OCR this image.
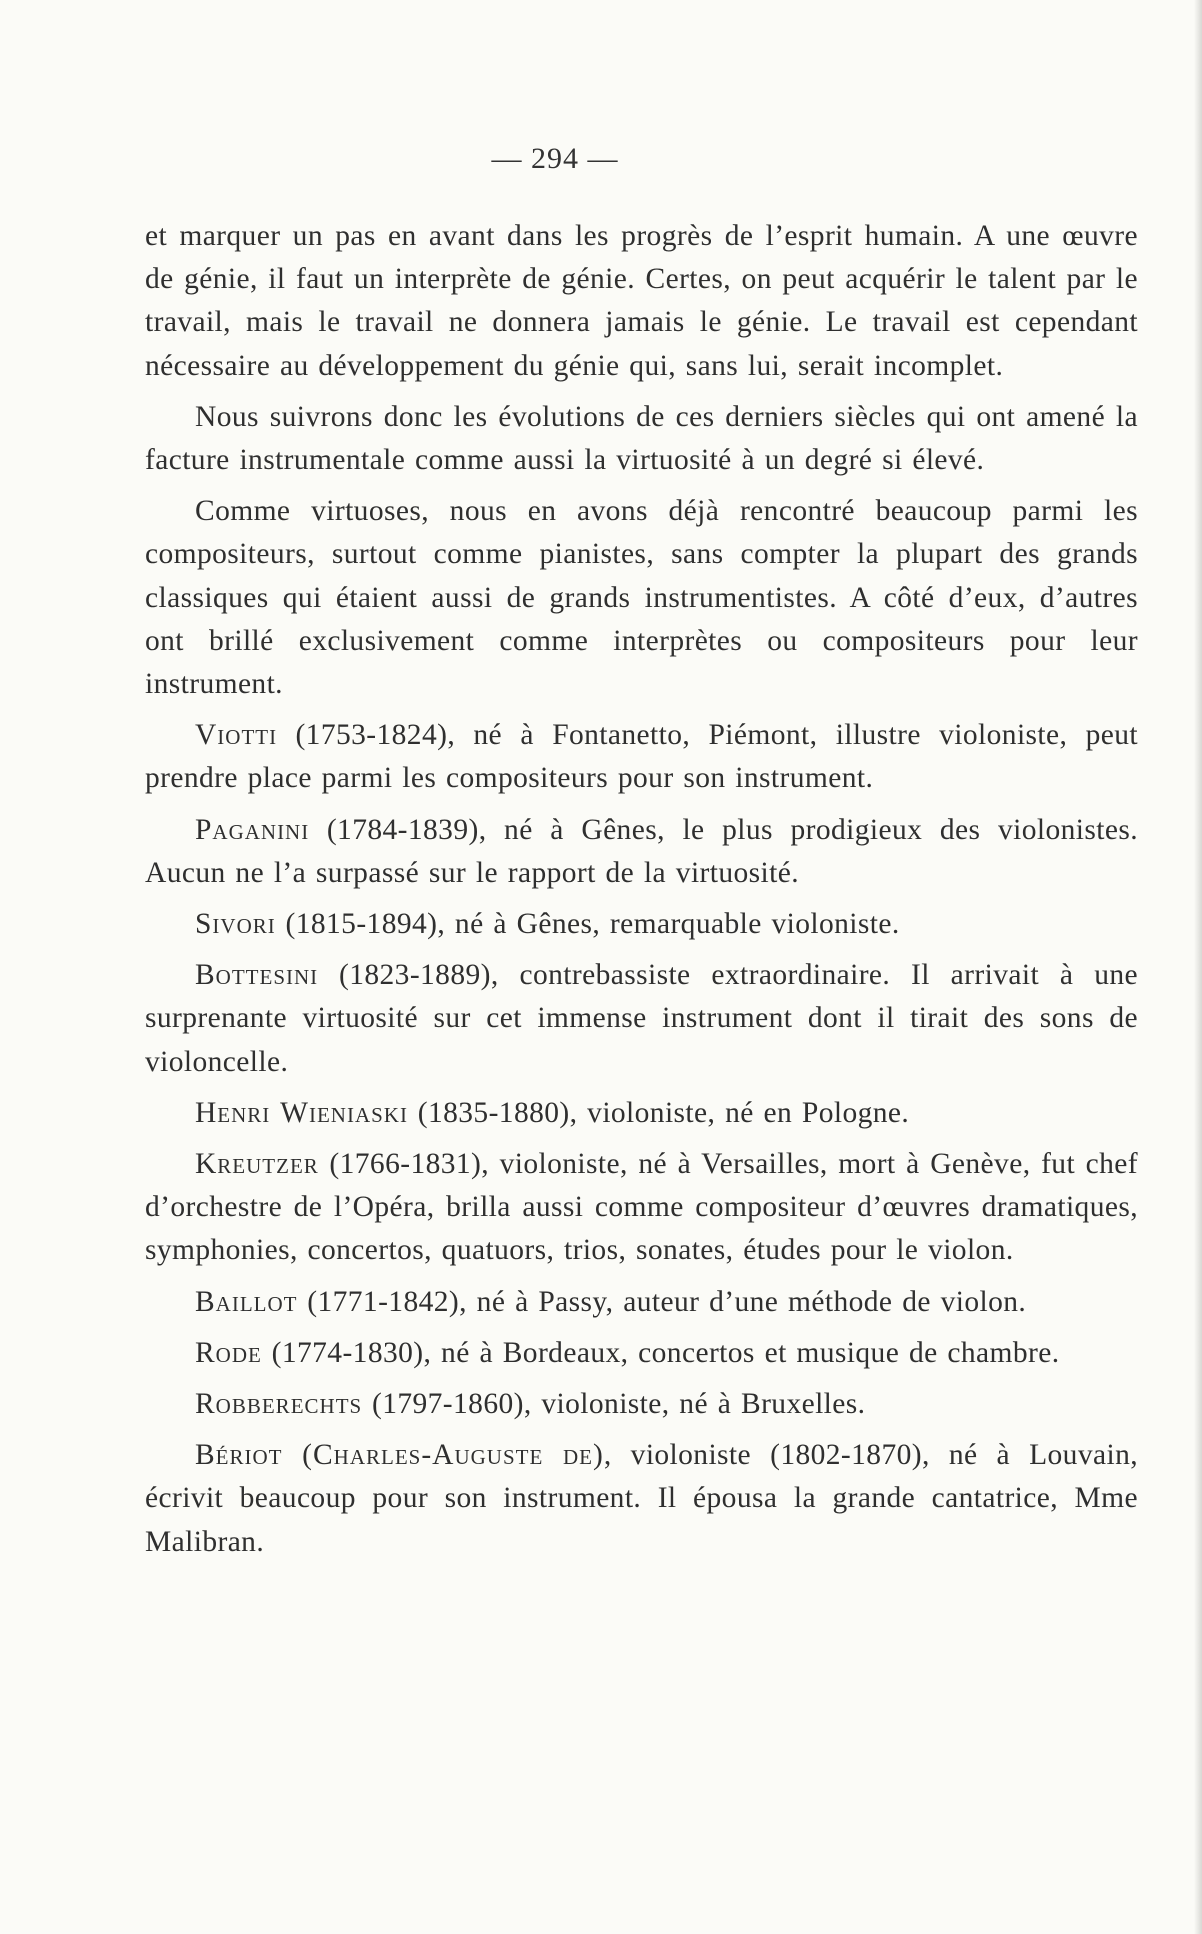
— 294 —

et marquer un pas en avant dans les progrès de l’esprit humain. A une œuvre de génie, il faut un interprète de génie. Certes, on peut acquérir le talent par le travail, mais le travail ne donnera jamais le génie. Le travail est cependant nécessaire au développement du génie qui, sans lui, serait incomplet.

Nous suivrons donc les évolutions de ces derniers siècles qui ont amené la facture instrumentale comme aussi la virtuosité à un degré si élevé.

Comme virtuoses, nous en avons déjà rencontré beaucoup parmi les compositeurs, surtout comme pianistes, sans compter la plupart des grands classiques qui étaient aussi de grands instrumentistes. A côté d’eux, d’autres ont brillé exclusivement comme interprètes ou compositeurs pour leur instrument.

Viotti (1753-1824), né à Fontanetto, Piémont, illustre violoniste, peut prendre place parmi les compositeurs pour son instrument.

Paganini (1784-1839), né à Gênes, le plus prodigieux des violonistes. Aucun ne l’a surpassé sur le rapport de la virtuosité.

Sivori (1815-1894), né à Gênes, remarquable violoniste.

Bottesini (1823-1889), contrebassiste extraordinaire. Il arrivait à une surprenante virtuosité sur cet immense instrument dont il tirait des sons de violoncelle.

Henri Wieniaski (1835-1880), violoniste, né en Pologne.

Kreutzer (1766-1831), violoniste, né à Versailles, mort à Genève, fut chef d’orchestre de l’Opéra, brilla aussi comme compositeur d’œuvres dramatiques, symphonies, concertos, quatuors, trios, sonates, études pour le violon.

Baillot (1771-1842), né à Passy, auteur d’une méthode de violon.

Rode (1774-1830), né à Bordeaux, concertos et musique de chambre.

Robberechts (1797-1860), violoniste, né à Bruxelles.

Bériot (Charles-Auguste de), violoniste (1802-1870), né à Louvain, écrivit beaucoup pour son instrument. Il épousa la grande cantatrice, Mme Malibran.
